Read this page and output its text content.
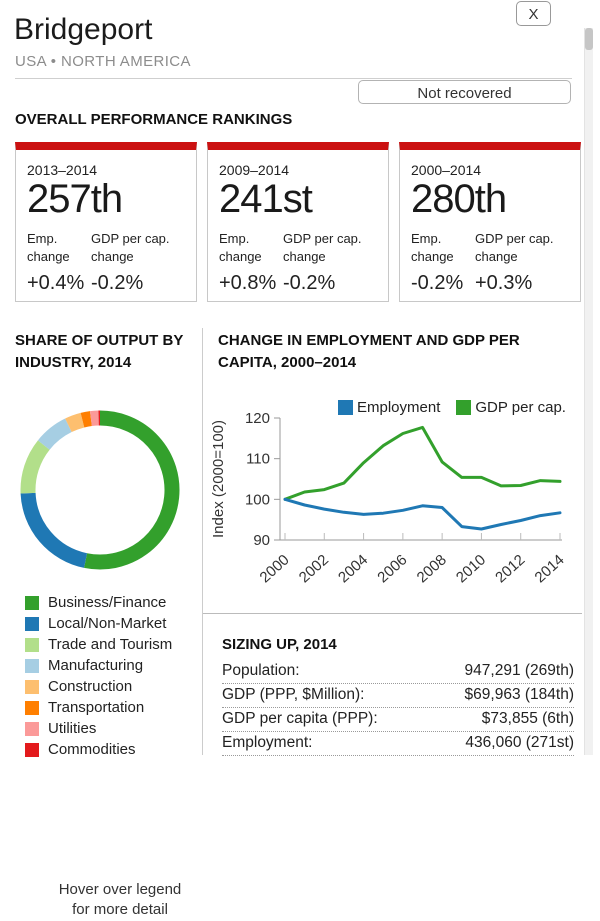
X
Bridgeport
USA • NORTH AMERICA
Not recovered
OVERALL PERFORMANCE RANKINGS
2013–2014
257th
Emp. change
+0.4%
GDP per cap. change
-0.2%
2009–2014
241st
Emp. change
+0.8%
GDP per cap. change
-0.2%
2000–2014
280th
Emp. change
-0.2%
GDP per cap. change
+0.3%
SHARE OF OUTPUT BY INDUSTRY, 2014
Hover over legend for more detail
Business/Finance
Local/Non-Market
Trade and Tourism
Manufacturing
Construction
Transportation
Utilities
Commodities
CHANGE IN EMPLOYMENT AND GDP PER CAPITA, 2000–2014
Employment GDP per cap.
90
100
110
120
2000 2002 2004 2006 2008 2010 2012 2014
Index (2000=100)
SIZING UP, 2014
Population:	947,291 (269th)
GDP (PPP, $Million):	$69,963 (184th)
GDP per capita (PPP):	$73,855 (6th)
Employment:	436,060 (271st)
